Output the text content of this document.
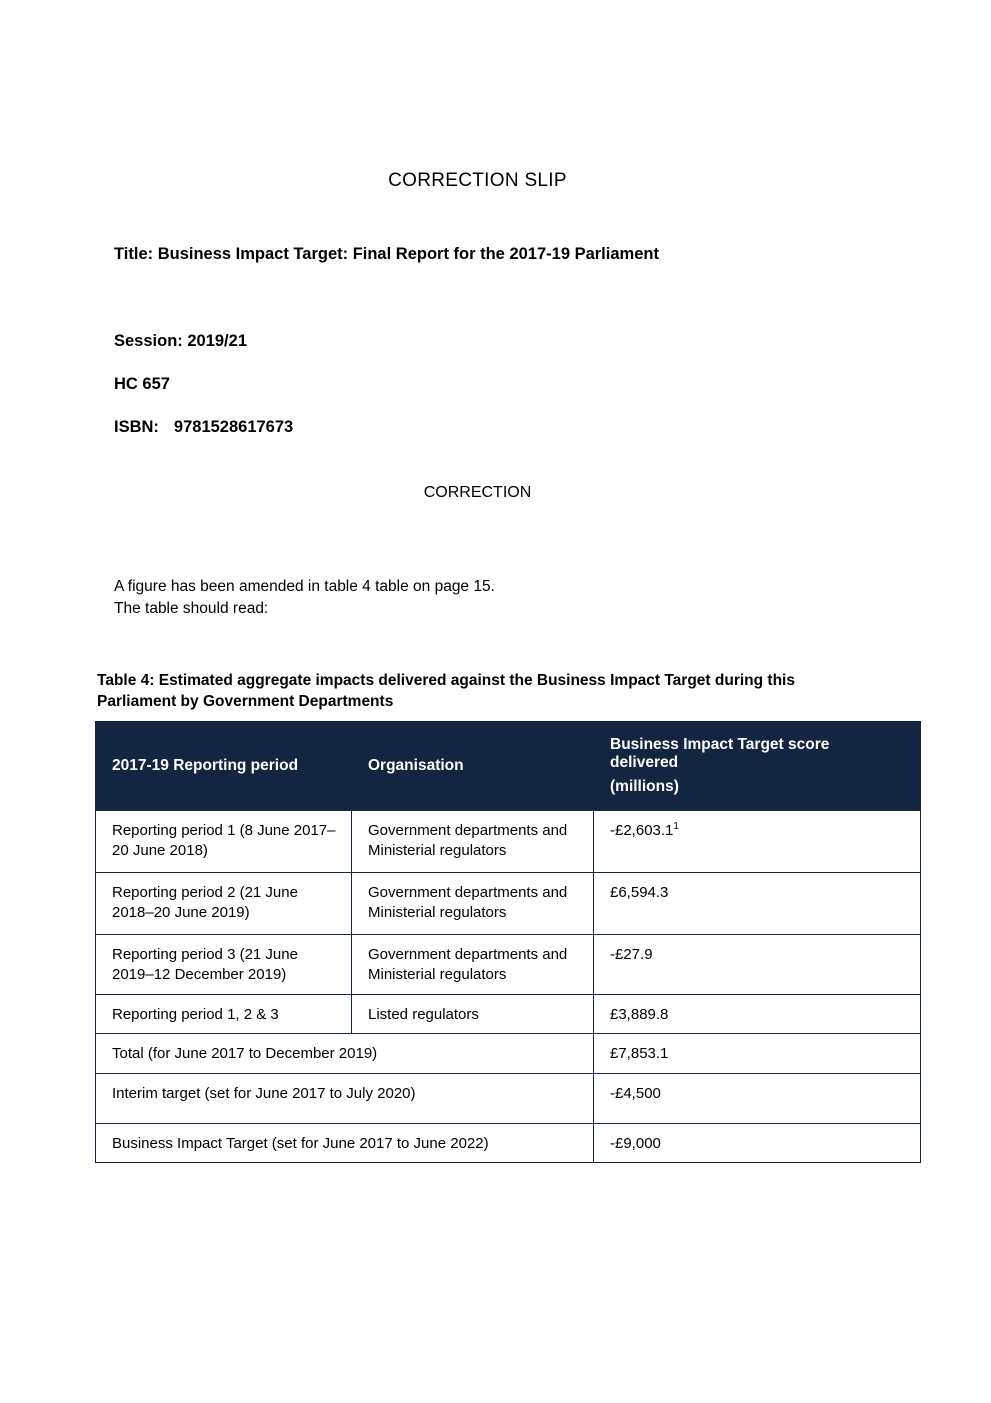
CORRECTION SLIP

Title: Business Impact Target: Final Report for the 2017-19 Parliament

Session: 2019/21

HC 657

ISBN: 9781528617673

CORRECTION

A figure has been amended in table 4 table on page 15.
The table should read:

Table 4: Estimated aggregate impacts delivered against the Business Impact Target during this Parliament by Government Departments

2017-19 Reporting period	Organisation	Business Impact Target score delivered
(millions)

Reporting period 1 (8 June 2017–20 June 2018)	Government departments and Ministerial regulators	-£2,603.1$^1$
Reporting period 2 (21 June 2018–20 June 2019)	Government departments and Ministerial regulators	£6,594.3
Reporting period 3 (21 June 2019–12 December 2019)	Government departments and Ministerial regulators	-£27.9
Reporting period 1, 2 & 3	Listed regulators	£3,889.8
Total (for June 2017 to December 2019)		£7,853.1
Interim target (set for June 2017 to July 2020)		-£4,500
Business Impact Target (set for June 2017 to June 2022)		-£9,000
